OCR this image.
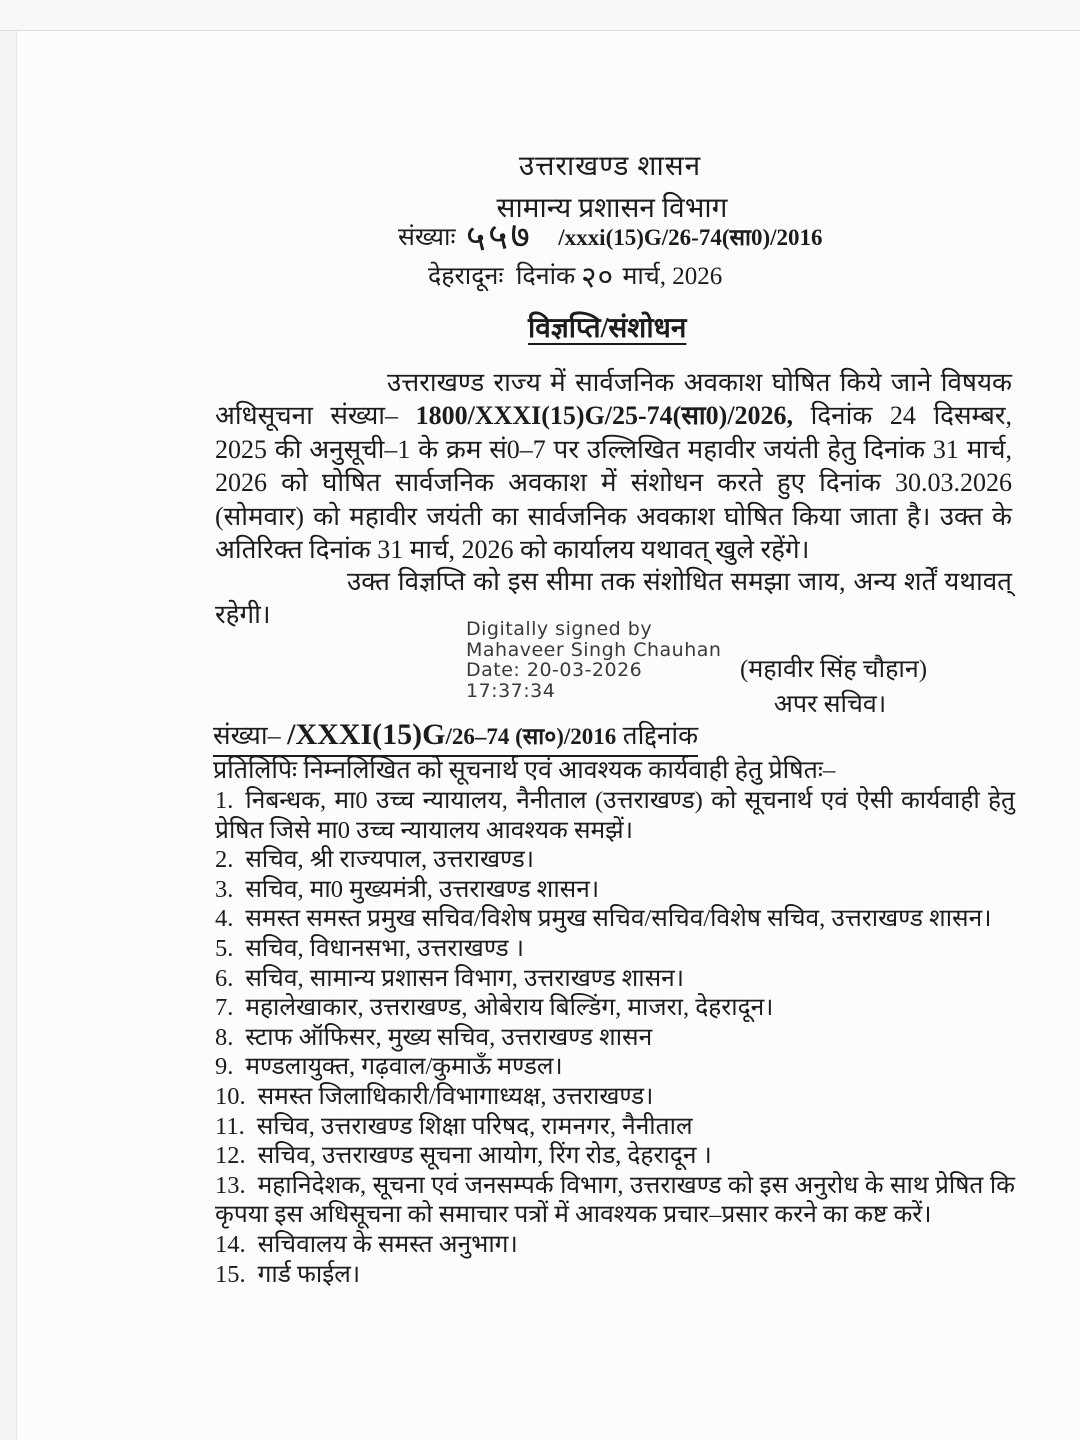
उत्तराखण्ड शासन
सामान्य प्रशासन विभाग
संख्याः ५५७ /xxxi(15)G/26-74(सा0)/2016
देहरादूनः दिनांक २० मार्च, 2026
विज्ञप्ति/संशोधन
उत्तराखण्ड राज्य में सार्वजनिक अवकाश घोषित किये जाने विषयक अधिसूचना संख्या– 1800/XXXI(15)G/25-74(सा0)/2026, दिनांक 24 दिसम्बर, 2025 की अनुसूची–1 के क्रम सं0–7 पर उल्लिखित महावीर जयंती हेतु दिनांक 31 मार्च, 2026 को घोषित सार्वजनिक अवकाश में संशोधन करते हुए दिनांक 30.03.2026 (सोमवार) को महावीर जयंती का सार्वजनिक अवकाश घोषित किया जाता है। उक्त के अतिरिक्त दिनांक 31 मार्च, 2026 को कार्यालय यथावत् खुले रहेंगे।
उक्त विज्ञप्ति को इस सीमा तक संशोधित समझा जाय, अन्य शर्तें यथावत् रहेगी।	Digitally signed by
Mahaveer Singh Chauhan
Date: 20-03-2026
17:37:34
(महावीर सिंह चौहान)
अपर सचिव।
संख्या– /XXXI(15)G/26–74 (सा०)/2016 तद्दिनांक
प्रतिलिपिः निम्नलिखित को सूचनार्थ एवं आवश्यक कार्यवाही हेतु प्रेषितः–
1. निबन्धक, मा0 उच्च न्यायालय, नैनीताल (उत्तराखण्ड) को सूचनार्थ एवं ऐसी कार्यवाही हेतु प्रेषित जिसे मा0 उच्च न्यायालय आवश्यक समझें।
2. सचिव, श्री राज्यपाल, उत्तराखण्ड।
3. सचिव, मा0 मुख्यमंत्री, उत्तराखण्ड शासन।
4. समस्त समस्त प्रमुख सचिव/विशेष प्रमुख सचिव/सचिव/विशेष सचिव, उत्तराखण्ड शासन।
5. सचिव, विधानसभा, उत्तराखण्ड ।
6. सचिव, सामान्य प्रशासन विभाग, उत्तराखण्ड शासन।
7. महालेखाकार, उत्तराखण्ड, ओबेराय बिल्डिंग, माजरा, देहरादून।
8. स्टाफ ऑफिसर, मुख्य सचिव, उत्तराखण्ड शासन
9. मण्डलायुक्त, गढ़वाल/कुमाऊँ मण्डल।
10. समस्त जिलाधिकारी/विभागाध्यक्ष, उत्तराखण्ड।
11. सचिव, उत्तराखण्ड शिक्षा परिषद, रामनगर, नैनीताल
12. सचिव, उत्तराखण्ड सूचना आयोग, रिंग रोड, देहरादून ।
13. महानिदेशक, सूचना एवं जनसम्पर्क विभाग, उत्तराखण्ड को इस अनुरोध के साथ प्रेषित कि कृपया इस अधिसूचना को समाचार पत्रों में आवश्यक प्रचार–प्रसार करने का कष्ट करें।
14. सचिवालय के समस्त अनुभाग।
15. गार्ड फाईल।
